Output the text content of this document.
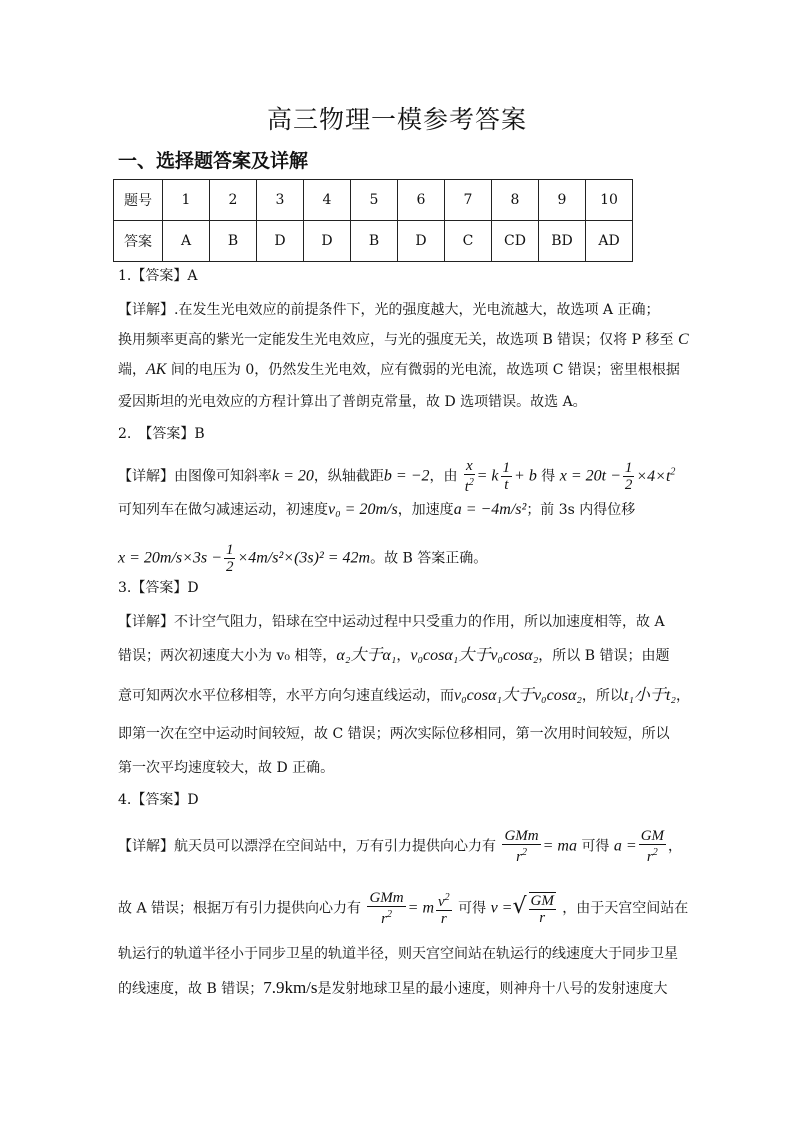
高三物理一模参考答案
一、选择题答案及详解
题号	1	2	3	4	5	6	7	8	9	10
答案	A	B	D	D	B	D	C	CD	BD	AD
1.【答案】A
【详解】.在发生光电效应的前提条件下，光的强度越大，光电流越大，故选项 A 正确；
换用频率更高的紫光一定能发生光电效应，与光的强度无关，故选项 B 错误；仅将 P 移至 C
端，AK 间的电压为 0，仍然发生光电效，应有微弱的光电流，故选项 C 错误；密里根根据
爱因斯坦的光电效应的方程计算出了普朗克常量，故 D 选项错误。故选 A。
2.　【答案】B
【详解】由图像可知斜率k = 20，纵轴截距b = −2，由 $\frac{x}{t^2} = k \frac{1}{t} + b$ 得 $x = 20t - \frac{1}{2} \times 4\times t^2$
可知列车在做匀减速运动，初速度v₀ = 20m/s，加速度a = −4m/s²；前 3s 内得位移
$x = 20m/s\times 3s - \frac{1}{2} \times 4m/s^2\times(3s)^2 = 42m$。故 B 答案正确。
3.【答案】D
【详解】不计空气阻力，铅球在空中运动过程中只受重力的作用，所以加速度相等，故 A
错误；两次初速度大小为 v₀ 相等，α₂大于α₁，v₀cosα₁大于v₀cosα₂，所以 B 错误；由题
意可知两次水平位移相等，水平方向匀速直线运动，而v₀cosα₁大于v₀cosα₂，所以t₁小于t₂，
即第一次在空中运动时间较短，故 C 错误；两次实际位移相同，第一次用时间较短，所以
第一次平均速度较大，故 D 正确。
4.【答案】D
【详解】航天员可以漂浮在空间站中，万有引力提供向心力有 $\frac{\text{GMm}}{r^2}$ = ma 可得 $a = \frac{GM}{r^2}$ ，
故 A 错误；根据万有引力提供向心力有 $\frac{\text{GMm}}{r^2} = m \frac{v^2}{r}$ 可得 v =√ $\frac{GM}{r}$ ，由于天宫空间站在
轨运行的轨道半径小于同步卫星的轨道半径，则天宫空间站在轨运行的线速度大于同步卫星
的线速度，故 B 错误；7.9km/s是发射地球卫星的最小速度，则神舟十八号的发射速度大
